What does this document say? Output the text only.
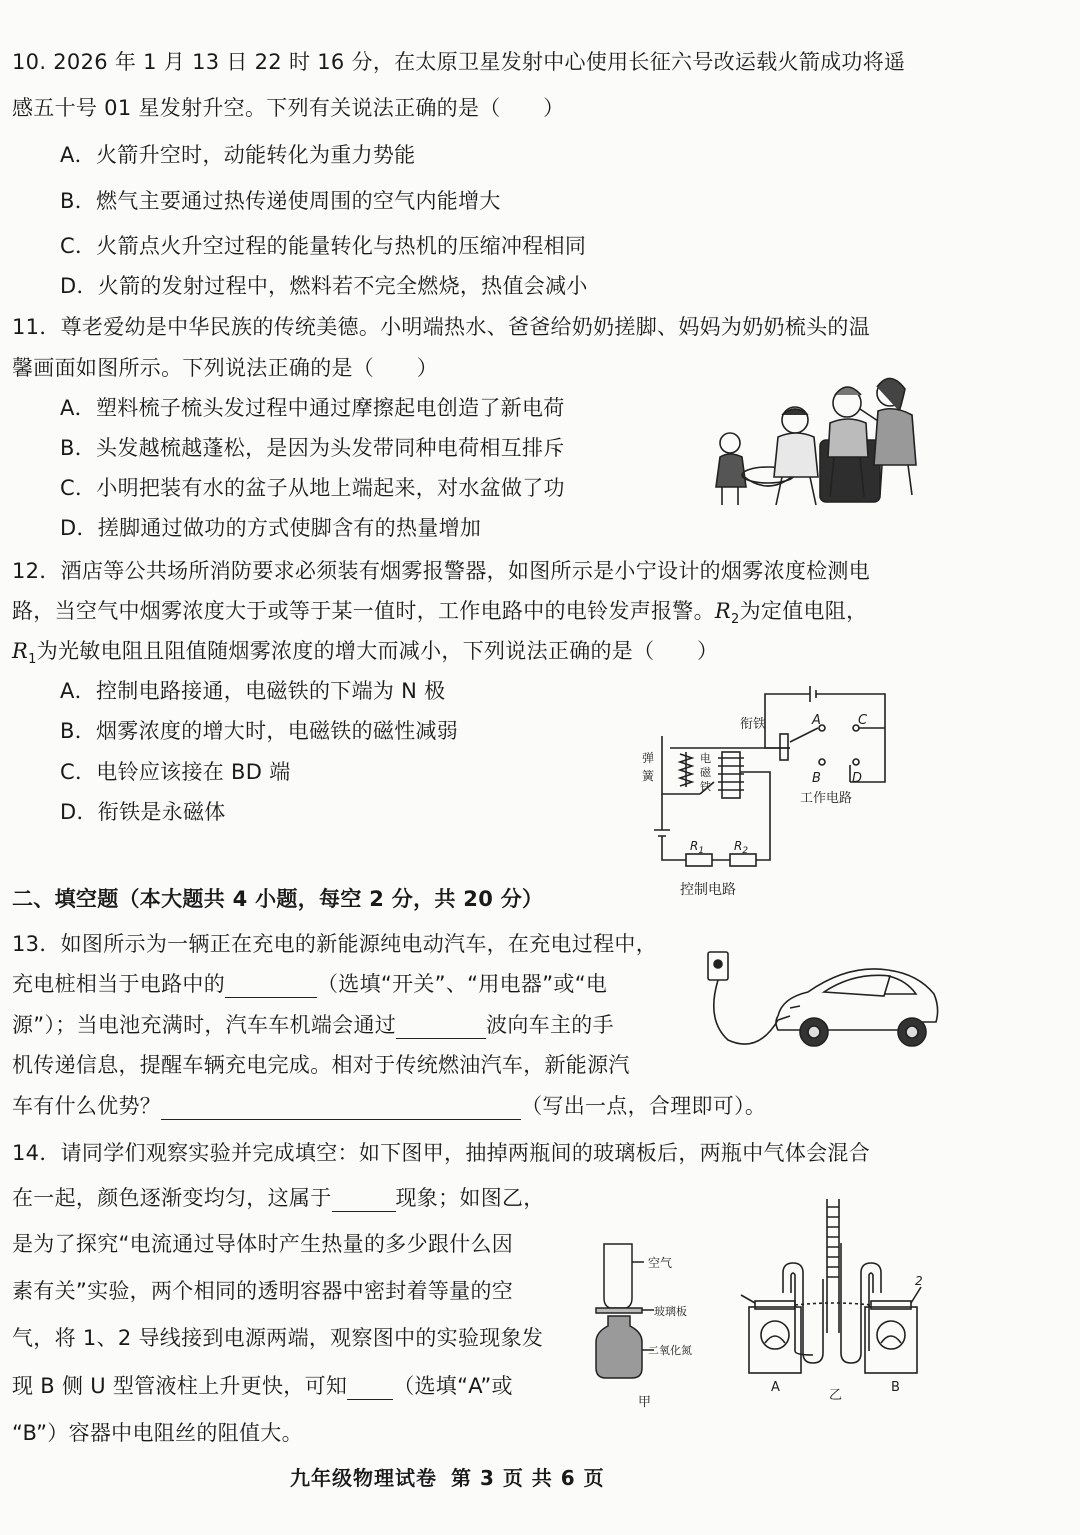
10. 2026 年 1 月 13 日 22 时 16 分，在太原卫星发射中心使用长征六号改运载火箭成功将遥
感五十号 01 星发射升空。下列有关说法正确的是（　　）
A．火箭升空时，动能转化为重力势能
B．燃气主要通过热传递使周围的空气内能增大
C．火箭点火升空过程的能量转化与热机的压缩冲程相同
D．火箭的发射过程中，燃料若不完全燃烧，热值会减小
11．尊老爱幼是中华民族的传统美德。小明端热水、爸爸给奶奶搓脚、妈妈为奶奶梳头的温
馨画面如图所示。下列说法正确的是（　　）
A．塑料梳子梳头发过程中通过摩擦起电创造了新电荷
B．头发越梳越蓬松，是因为头发带同种电荷相互排斥
C．小明把装有水的盆子从地上端起来，对水盆做了功
D．搓脚通过做功的方式使脚含有的热量增加
12．酒店等公共场所消防要求必须装有烟雾报警器，如图所示是小宁设计的烟雾浓度检测电
路，当空气中烟雾浓度大于或等于某一值时，工作电路中的电铃发声报警。$R_2$为定值电阻，
$R_1$为光敏电阻且阻值随烟雾浓度的增大而减小，下列说法正确的是（　　）
A．控制电路接通，电磁铁的下端为 N 极
B．烟雾浓度的增大时，电磁铁的磁性减弱
C．电铃应该接在 BD 端
D．衔铁是永磁体
衔铁
弹
簧
电
磁
铁
A	C
B D
工作电路
$R_1$ $R_2$
控制电路
二、填空题（本大题共 4 小题，每空 2 分，共 20 分）
13．如图所示为一辆正在充电的新能源纯电动汽车，在充电过程中，
充电桩相当于电路中的	（选填“开关”、“用电器”或“电
源”）；当电池充满时，汽车车机端会通过	波向车主的手
机传递信息，提醒车辆充电完成。相对于传统燃油汽车，新能源汽
车有什么优势？	（写出一点，合理即可）。
14．请同学们观察实验并完成填空：如下图甲，抽掉两瓶间的玻璃板后，两瓶中气体会混合
在一起，颜色逐渐变均匀，这属于	现象；如图乙，
是为了探究“电流通过导体时产生热量的多少跟什么因
素有关”实验，两个相同的透明容器中密封着等量的空
气，将 1、2 导线接到电源两端，观察图中的实验现象发
现 B 侧 U 型管液柱上升更快，可知 （选填“A”或
“B”）容器中电阻丝的阻值大。
空气
玻璃板
二氧化氮
甲
2
A
乙
B
九年级物理试卷 第 3 页 共 6 页
